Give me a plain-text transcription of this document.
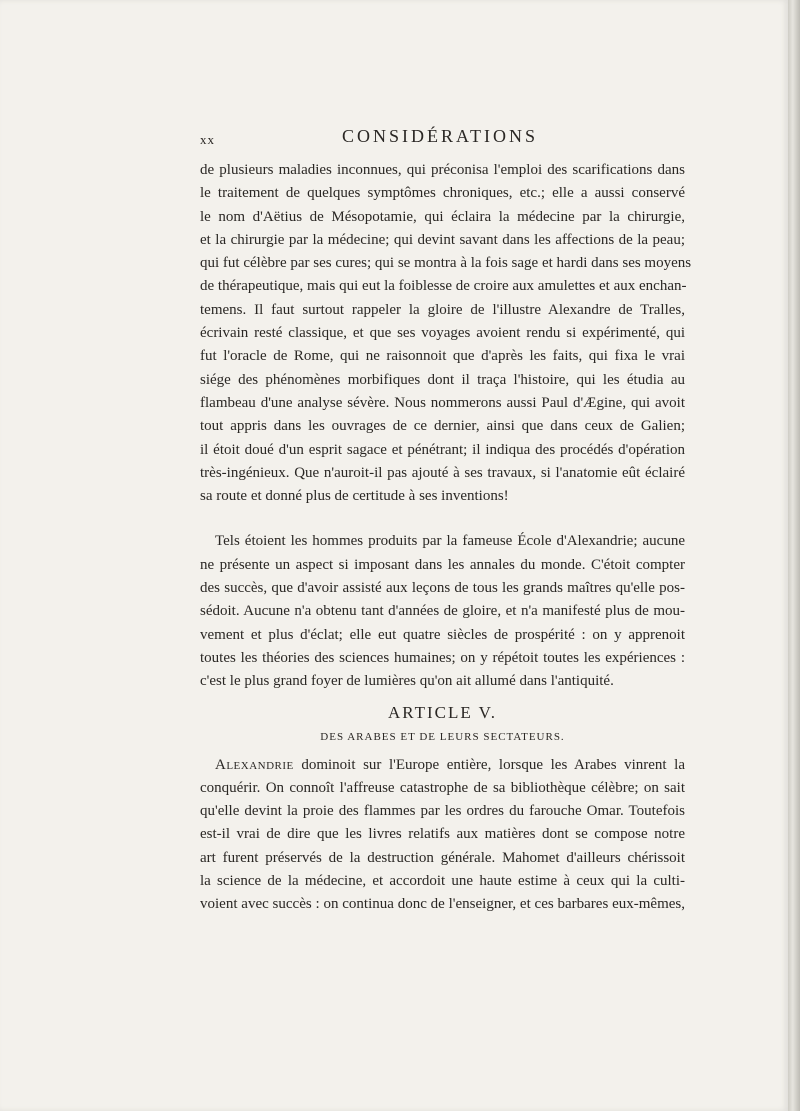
xx	CONSIDÉRATIONS
de plusieurs maladies inconnues, qui préconisa l'emploi des scarifications dans
le traitement de quelques symptômes chroniques, etc.; elle a aussi conservé
le nom d'Aëtius de Mésopotamie, qui éclaira la médecine par la chirurgie,
et la chirurgie par la médecine; qui devint savant dans les affections de la peau;
qui fut célèbre par ses cures; qui se montra à la fois sage et hardi dans ses moyens
de thérapeutique, mais qui eut la foiblesse de croire aux amulettes et aux enchan-
temens. Il faut surtout rappeler la gloire de l'illustre Alexandre de Tralles,
écrivain resté classique, et que ses voyages avoient rendu si expérimenté, qui
fut l'oracle de Rome, qui ne raisonnoit que d'après les faits, qui fixa le vrai
siége des phénomènes morbifiques dont il traça l'histoire, qui les étudia au
flambeau d'une analyse sévère. Nous nommerons aussi Paul d'Ægine, qui avoit
tout appris dans les ouvrages de ce dernier, ainsi que dans ceux de Galien;
il étoit doué d'un esprit sagace et pénétrant; il indiqua des procédés d'opération
très-ingénieux. Que n'auroit-il pas ajouté à ses travaux, si l'anatomie eût éclairé
sa route et donné plus de certitude à ses inventions!
Tels étoient les hommes produits par la fameuse École d'Alexandrie; aucune
ne présente un aspect si imposant dans les annales du monde. C'étoit compter
des succès, que d'avoir assisté aux leçons de tous les grands maîtres qu'elle pos-
sédoit. Aucune n'a obtenu tant d'années de gloire, et n'a manifesté plus de mou-
vement et plus d'éclat; elle eut quatre siècles de prospérité : on y apprenoit
toutes les théories des sciences humaines; on y répétoit toutes les expériences :
c'est le plus grand foyer de lumières qu'on ait allumé dans l'antiquité.
ARTICLE V.
DES ARABES ET DE LEURS SECTATEURS.
Alexandrie dominoit sur l'Europe entière, lorsque les Arabes vinrent la
conquérir. On connoît l'affreuse catastrophe de sa bibliothèque célèbre; on sait
qu'elle devint la proie des flammes par les ordres du farouche Omar. Toutefois
est-il vrai de dire que les livres relatifs aux matières dont se compose notre
art furent préservés de la destruction générale. Mahomet d'ailleurs chérissoit
la science de la médecine, et accordoit une haute estime à ceux qui la culti-
voient avec succès : on continua donc de l'enseigner, et ces barbares eux-mêmes,
